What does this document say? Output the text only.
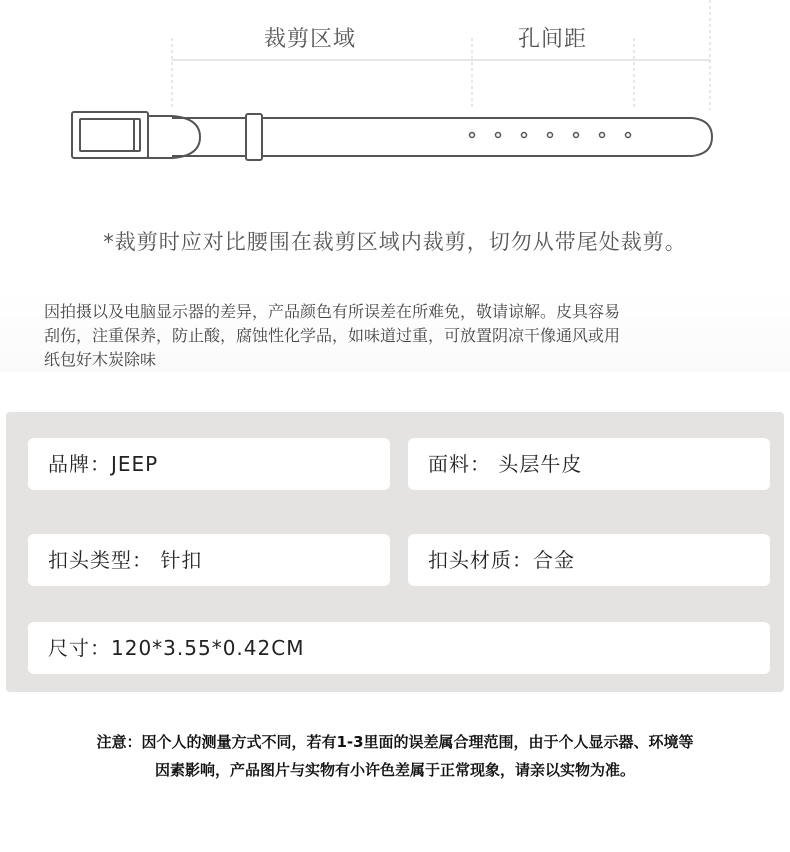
裁剪区域	孔间距
*裁剪时应对比腰围在裁剪区域内裁剪，切勿从带尾处裁剪。
因拍摄以及电脑显示器的差异，产品颜色有所误差在所难免，敬请谅解。皮具容易
刮伤，注重保养，防止酸，腐蚀性化学品，如味道过重，可放置阴凉干像通风或用
纸包好木炭除味
品牌：JEEP	面料： 头层牛皮
扣头类型： 针扣	扣头材质：合金
尺寸：120*3.55*0.42CM
注意：因个人的测量方式不同，若有1-3里面的误差属合理范围，由于个人显示器、环境等
因素影响，产品图片与实物有小许色差属于正常现象，请亲以实物为准。
